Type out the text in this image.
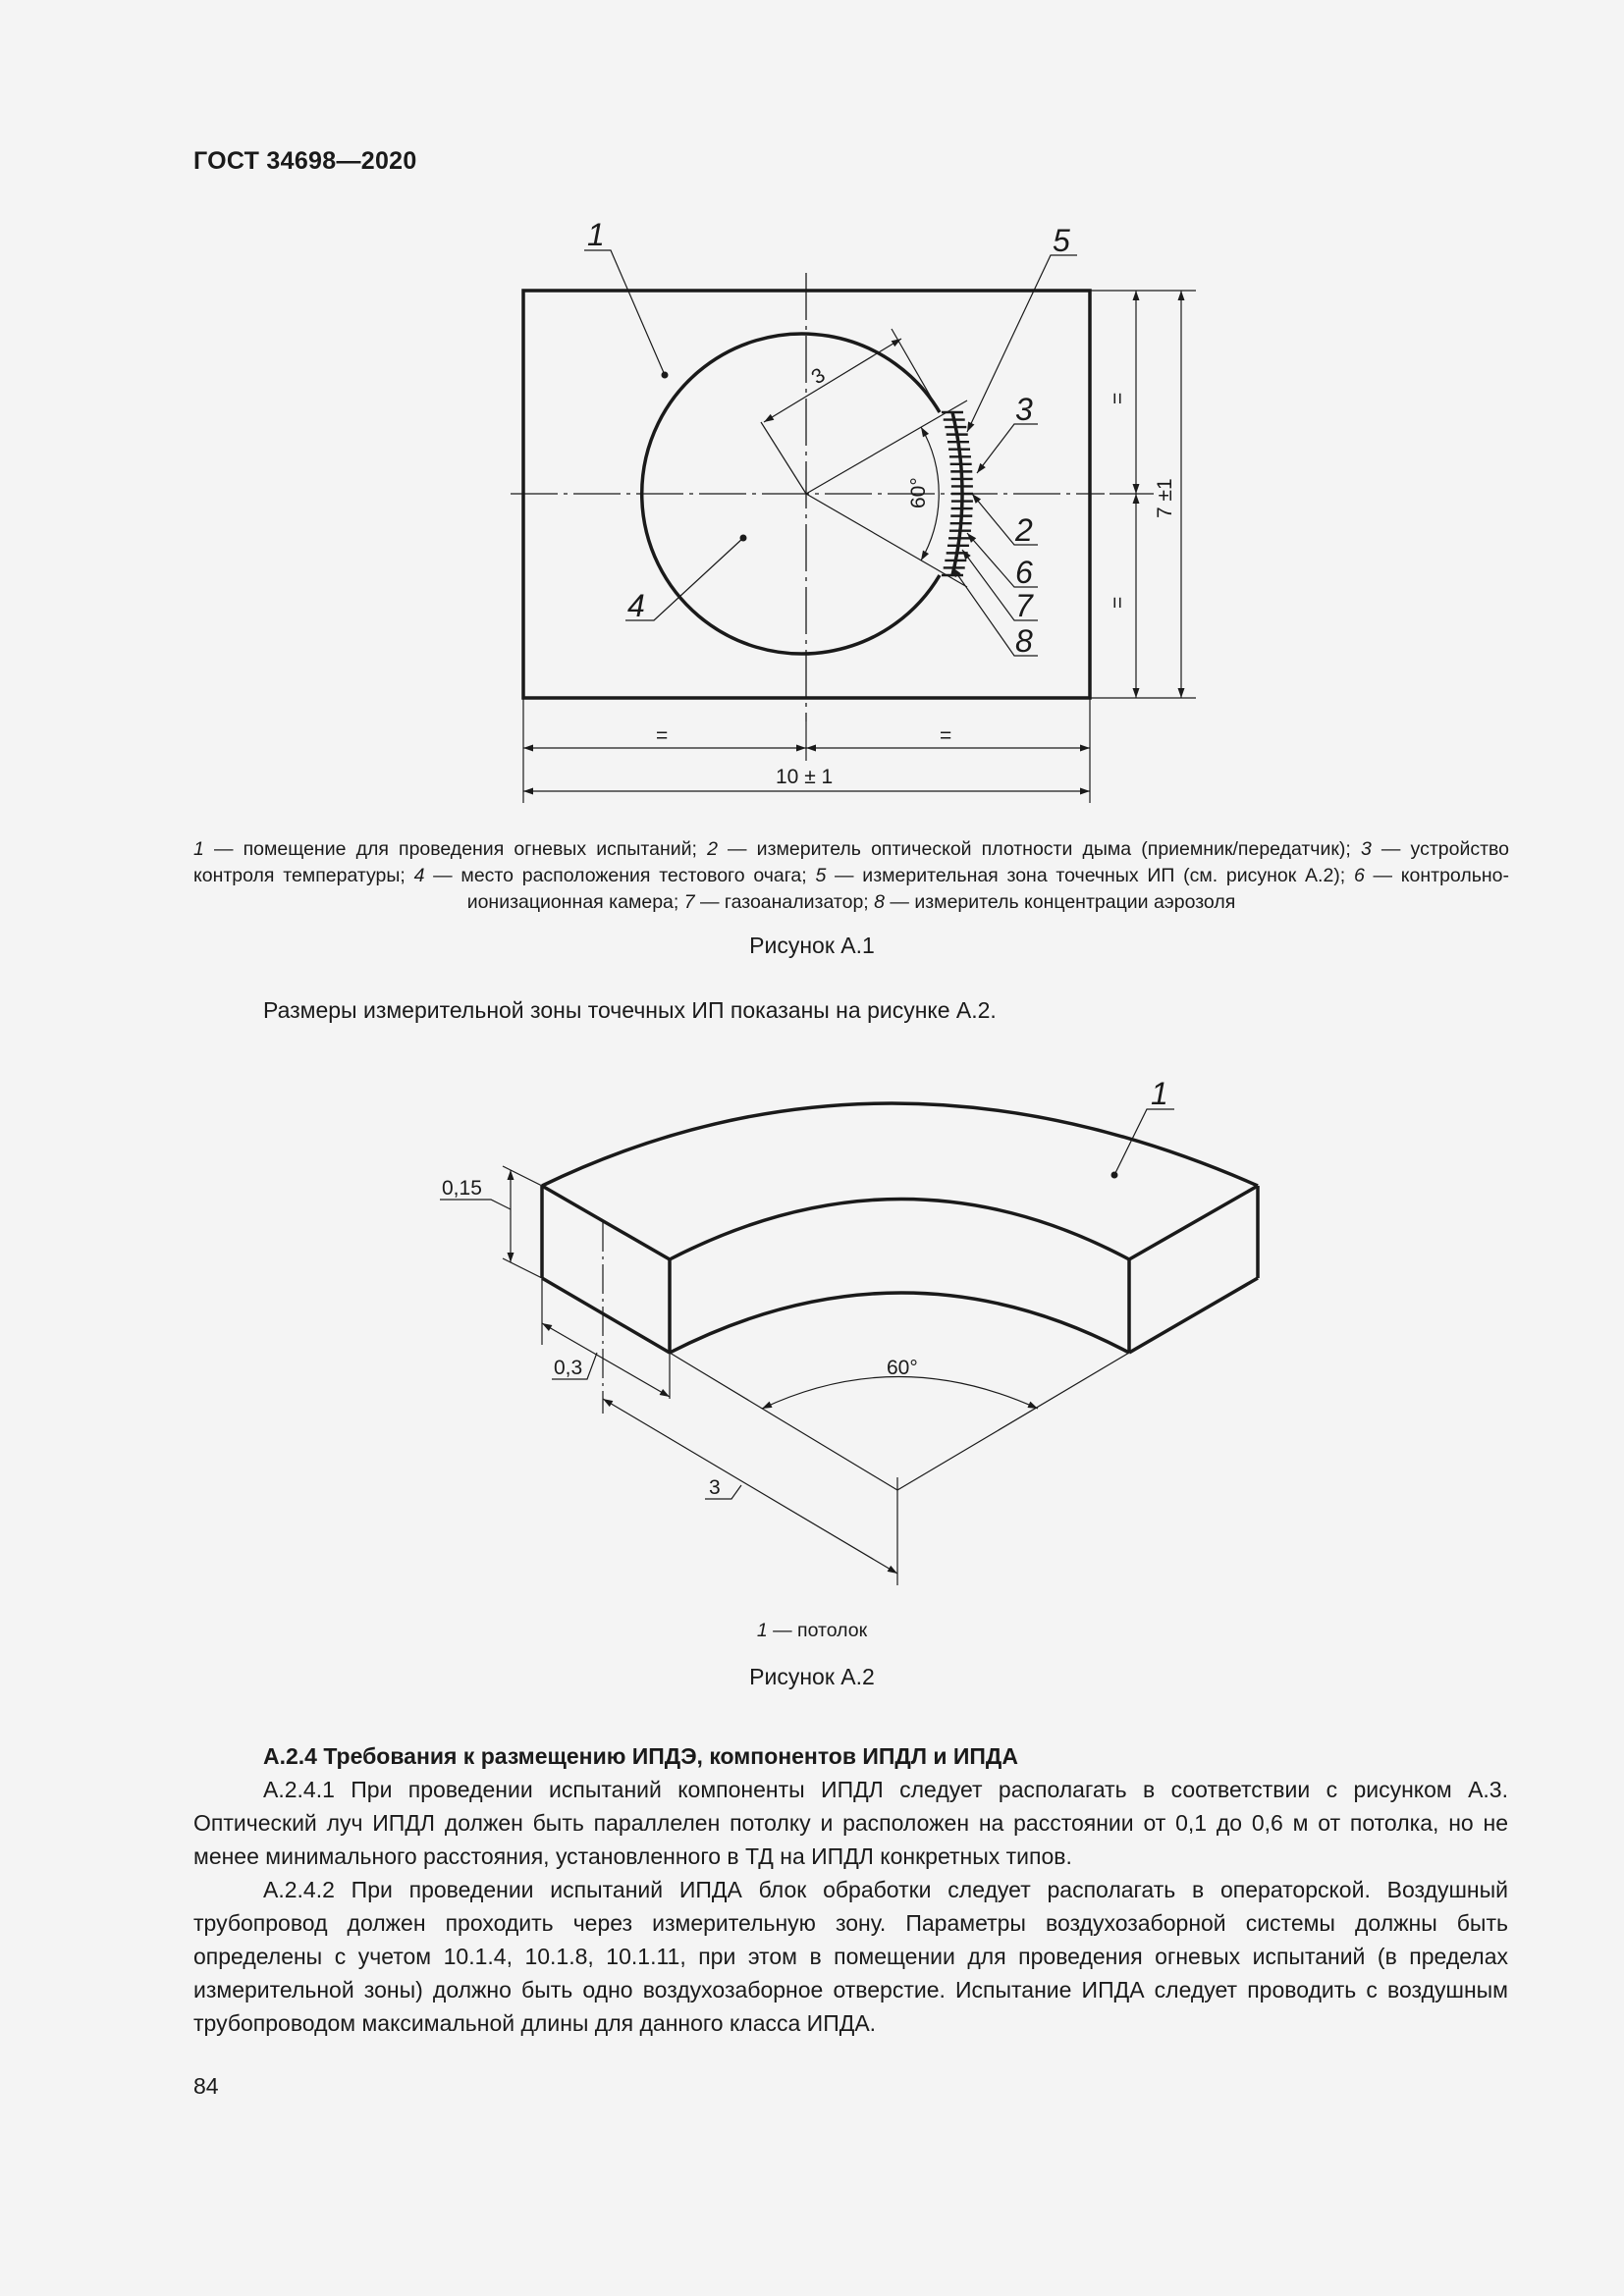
ГОСТ 34698—2020
1	5
3
2
6
7
8
4
3
60°
=
=
7 ±1
=	=
10 ± 1
1 — помещение для проведения огневых испытаний; 2 — измеритель оптической плотности дыма (приемник/передатчик); 3 — устройство контроля температуры; 4 — место расположения тестового очага; 5 — измерительная зона точечных ИП (см. рисунок А.2); 6 — контрольно-ионизационная камера; 7 — газоанализатор; 8 — измеритель концентрации аэрозоля
Рисунок А.1
Размеры измерительной зоны точечных ИП показаны на рисунке А.2.
1
0,15
0,3
3
60°
1 — потолок
Рисунок А.2
А.2.4 Требования к размещению ИПДЭ, компонентов ИПДЛ и ИПДА
А.2.4.1 При проведении испытаний компоненты ИПДЛ следует располагать в соответствии с рисунком А.3. Оптический луч ИПДЛ должен быть параллелен потолку и расположен на расстоянии от 0,1 до 0,6 м от потолка, но не менее минимального расстояния, установленного в ТД на ИПДЛ конкретных типов.
А.2.4.2 При проведении испытаний ИПДА блок обработки следует располагать в операторской. Воздушный трубопровод должен проходить через измерительную зону. Параметры воздухозаборной системы должны быть определены с учетом 10.1.4, 10.1.8, 10.1.11, при этом в помещении для проведения огневых испытаний (в пределах измерительной зоны) должно быть одно воздухозаборное отверстие. Испытание ИПДА следует проводить с воздушным трубопроводом максимальной длины для данного класса ИПДА.
84
